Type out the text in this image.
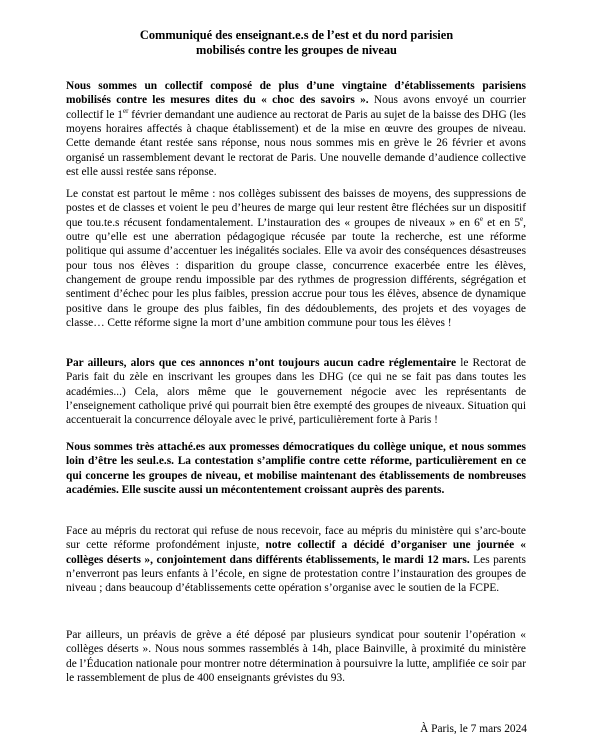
Communiqué des enseignant.e.s de l’est et du nord parisien
mobilisés contre les groupes de niveau

Nous sommes un collectif composé de plus d’une vingtaine d’établissements parisiens mobilisés contre les mesures dites du « choc des savoirs ». Nous avons envoyé un courrier collectif le 1er février demandant une audience au rectorat de Paris au sujet de la baisse des DHG (les moyens horaires affectés à chaque établissement) et de la mise en œuvre des groupes de niveau. Cette demande étant restée sans réponse, nous nous sommes mis en grève le 26 février et avons organisé un rassemblement devant le rectorat de Paris. Une nouvelle demande d’audience collective est elle aussi restée sans réponse.

Le constat est partout le même : nos collèges subissent des baisses de moyens, des suppressions de postes et de classes et voient le peu d’heures de marge qui leur restent être fléchées sur un dispositif que tou.te.s récusent fondamentalement. L’instauration des « groupes de niveaux » en 6e et en 5e, outre qu’elle est une aberration pédagogique récusée par toute la recherche, est une réforme politique qui assume d’accentuer les inégalités sociales. Elle va avoir des conséquences désastreuses pour tous nos élèves : disparition du groupe classe, concurrence exacerbée entre les élèves, changement de groupe rendu impossible par des rythmes de progression différents, ségrégation et sentiment d’échec pour les plus faibles, pression accrue pour tous les élèves, absence de dynamique positive dans le groupe des plus faibles, fin des dédoublements, des projets et des voyages de classe… Cette réforme signe la mort d’une ambition commune pour tous les élèves !

Par ailleurs, alors que ces annonces n’ont toujours aucun cadre réglementaire le Rectorat de Paris fait du zèle en inscrivant les groupes dans les DHG (ce qui ne se fait pas dans toutes les académies...) Cela, alors même que le gouvernement négocie avec les représentants de l’enseignement catholique privé qui pourrait bien être exempté des groupes de niveaux. Situation qui accentuerait la concurrence déloyale avec le privé, particulièrement forte à Paris !

Nous sommes très attaché.es aux promesses démocratiques du collège unique, et nous sommes loin d’être les seul.e.s. La contestation s’amplifie contre cette réforme, particulièrement en ce qui concerne les groupes de niveau, et mobilise maintenant des établissements de nombreuses académies. Elle suscite aussi un mécontentement croissant auprès des parents.

Face au mépris du rectorat qui refuse de nous recevoir, face au mépris du ministère qui s’arc-boute sur cette réforme profondément injuste, notre collectif a décidé d’organiser une journée « collèges déserts », conjointement dans différents établissements, le mardi 12 mars. Les parents n’enverront pas leurs enfants à l’école, en signe de protestation contre l’instauration des groupes de niveau ; dans beaucoup d’établissements cette opération s’organise avec le soutien de la FCPE.

Par ailleurs, un préavis de grève a été déposé par plusieurs syndicat pour soutenir l’opération « collèges déserts ». Nous nous sommes rassemblés à 14h, place Bainville, à proximité du ministère de l’Éducation nationale pour montrer notre détermination à poursuivre la lutte, amplifiée ce soir par le rassemblement de plus de 400 enseignants grévistes du 93.

À Paris, le 7 mars 2024
